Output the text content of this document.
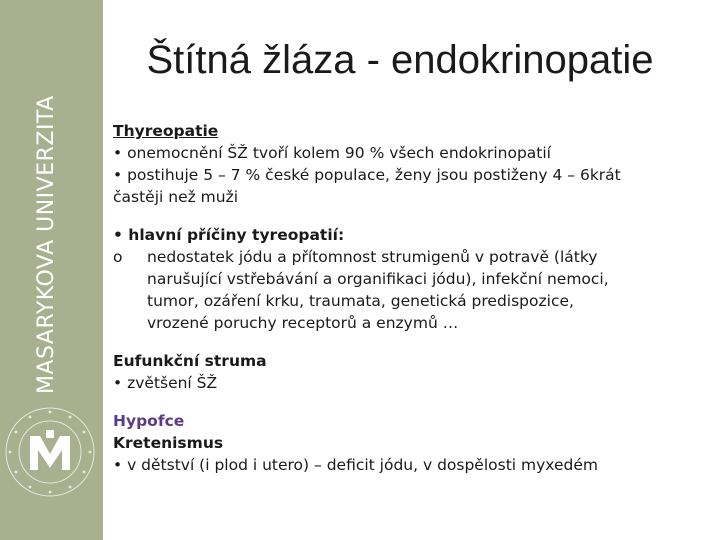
MASARYKOVA UNIVERZITA
Štítná žláza - endokrinopatie
Thyreopatie
• onemocnění ŠŽ tvoří kolem 90 % všech endokrinopatií
• postihuje 5 – 7 % české populace, ženy jsou postiženy 4 – 6krát
častěji než muži
• hlavní příčiny tyreopatií:
o nedostatek jódu a přítomnost strumigenů v potravě (látky
narušující vstřebávání a organifikaci jódu), infekční nemoci,
tumor, ozáření krku, traumata, genetická predispozice,
vrozené poruchy receptorů a enzymů …
Eufunkční struma
• zvětšení ŠŽ
Hypofce
Kretenismus
• v dětství (i plod i utero) – deficit jódu, v dospělosti myxedém
